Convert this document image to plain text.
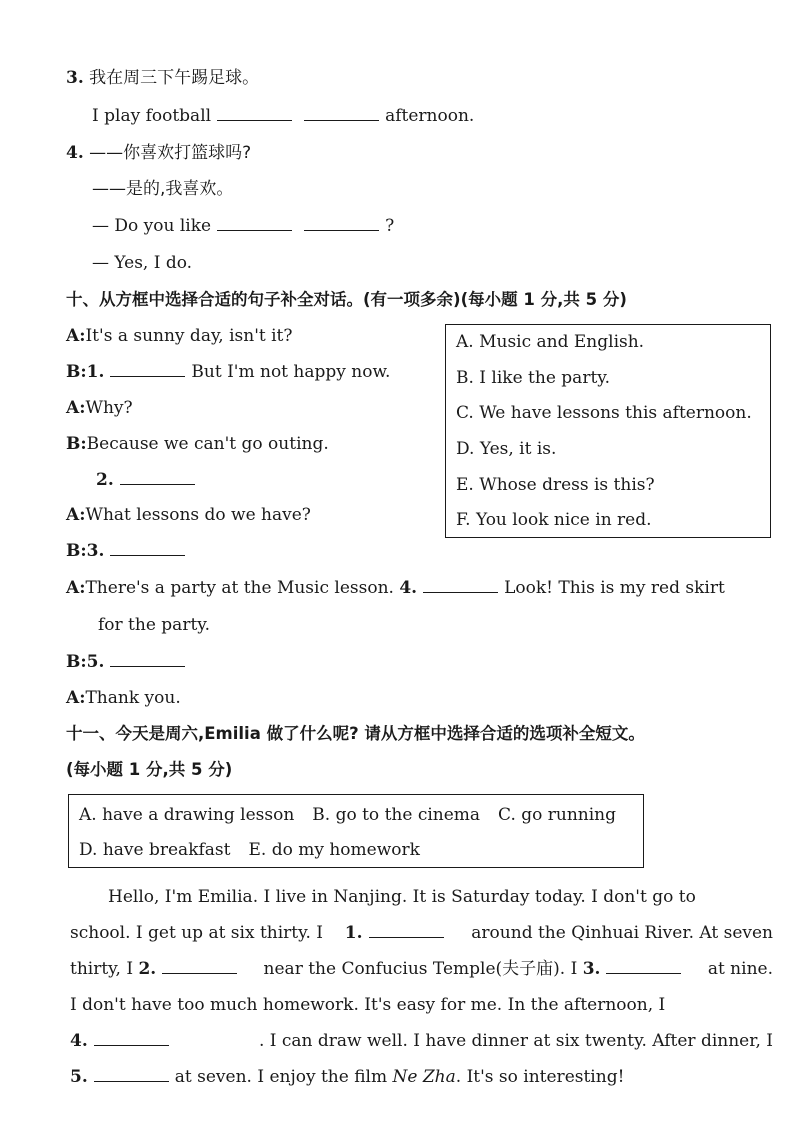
3. 我在周三下午踢足球。
I play football	afternoon.
4. ——你喜欢打篮球吗?
——是的,我喜欢。
— Do you like	?
— Yes, I do.
十、从方框中选择合适的句子补全对话。(有一项多余)(每小题 1 分,共 5 分)
A. Music and English.
B. I like the party.
C. We have lessons this afternoon.
D. Yes, it is.
E. Whose dress is this?
F. You look nice in red.
A:It's a sunny day, isn't it?
B:1.	But I'm not happy now.
A:Why?
B:Because we can't go outing.
2.
A:What lessons do we have?
B:3.
A:There's a party at the Music lesson. 4.	Look! This is my red skirt
for the party.
B:5.
A:Thank you.
十一、今天是周六,Emilia 做了什么呢? 请从方框中选择合适的选项补全短文。
(每小题 1 分,共 5 分)
A. have a drawing lesson B. go to the cinema C. go running
D. have breakfast E. do my homework
Hello, I'm Emilia. I live in Nanjing. It is Saturday today. I don't go to
school. I get up at six thirty. I 1.	around the Qinhuai River. At seven
thirty, I 2.	near the Confucius Temple(夫子庙). I 3.	at nine.
I don't have too much homework. It's easy for me. In the afternoon, I
4.	. I can draw well. I have dinner at six twenty. After dinner, I
5.	at seven. I enjoy the film Ne Zha. It's so interesting!
